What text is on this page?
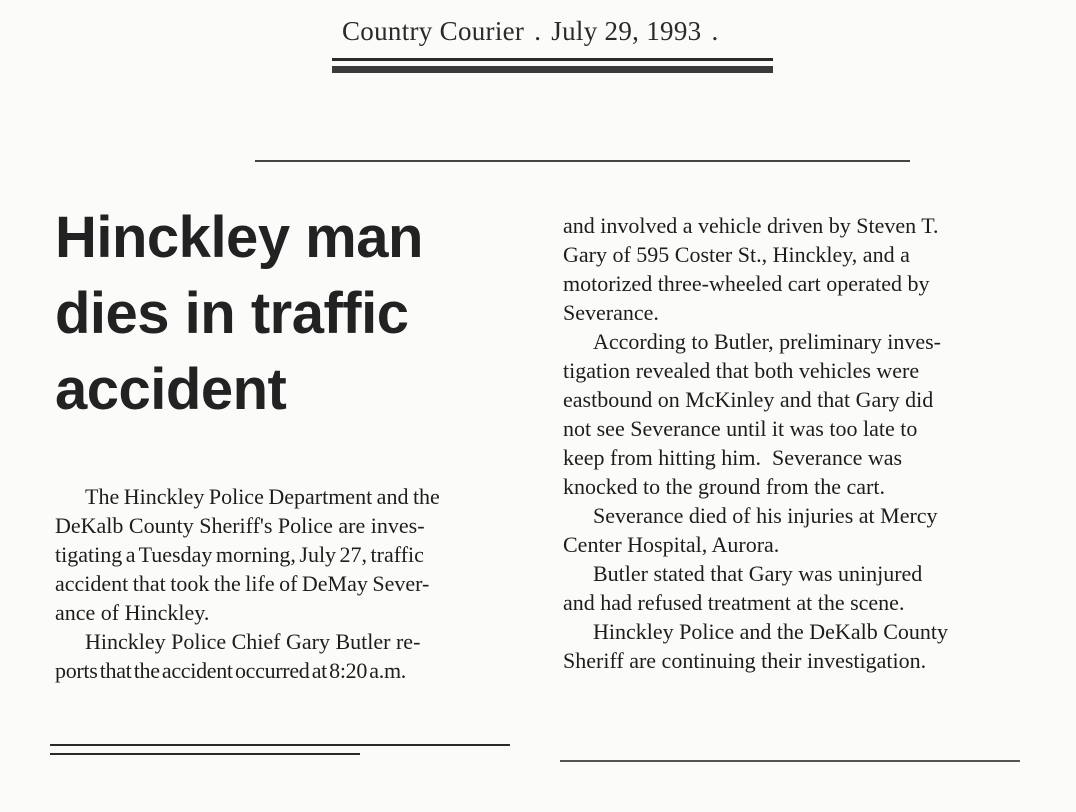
Country Courier . July 29, 1993 .
Hinckley man
dies in traffic
accident

The Hinckley Police Department and the
DeKalb County Sheriff's Police are inves-
tigating a Tuesday morning, July 27, traffic
accident that took the life of DeMay Sever-
ance of Hinckley.

Hinckley Police Chief Gary Butler re-
ports that the accident occurred at 8:20 a.m.

and involved a vehicle driven by Steven T.
Gary of 595 Coster St., Hinckley, and a
motorized three-wheeled cart operated by
Severance.

According to Butler, preliminary inves-
tigation revealed that both vehicles were
eastbound on McKinley and that Gary did
not see Severance until it was too late to
keep from hitting him.  Severance was
knocked to the ground from the cart.

Severance died of his injuries at Mercy
Center Hospital, Aurora.

Butler stated that Gary was uninjured
and had refused treatment at the scene.

Hinckley Police and the DeKalb County
Sheriff are continuing their investigation.
